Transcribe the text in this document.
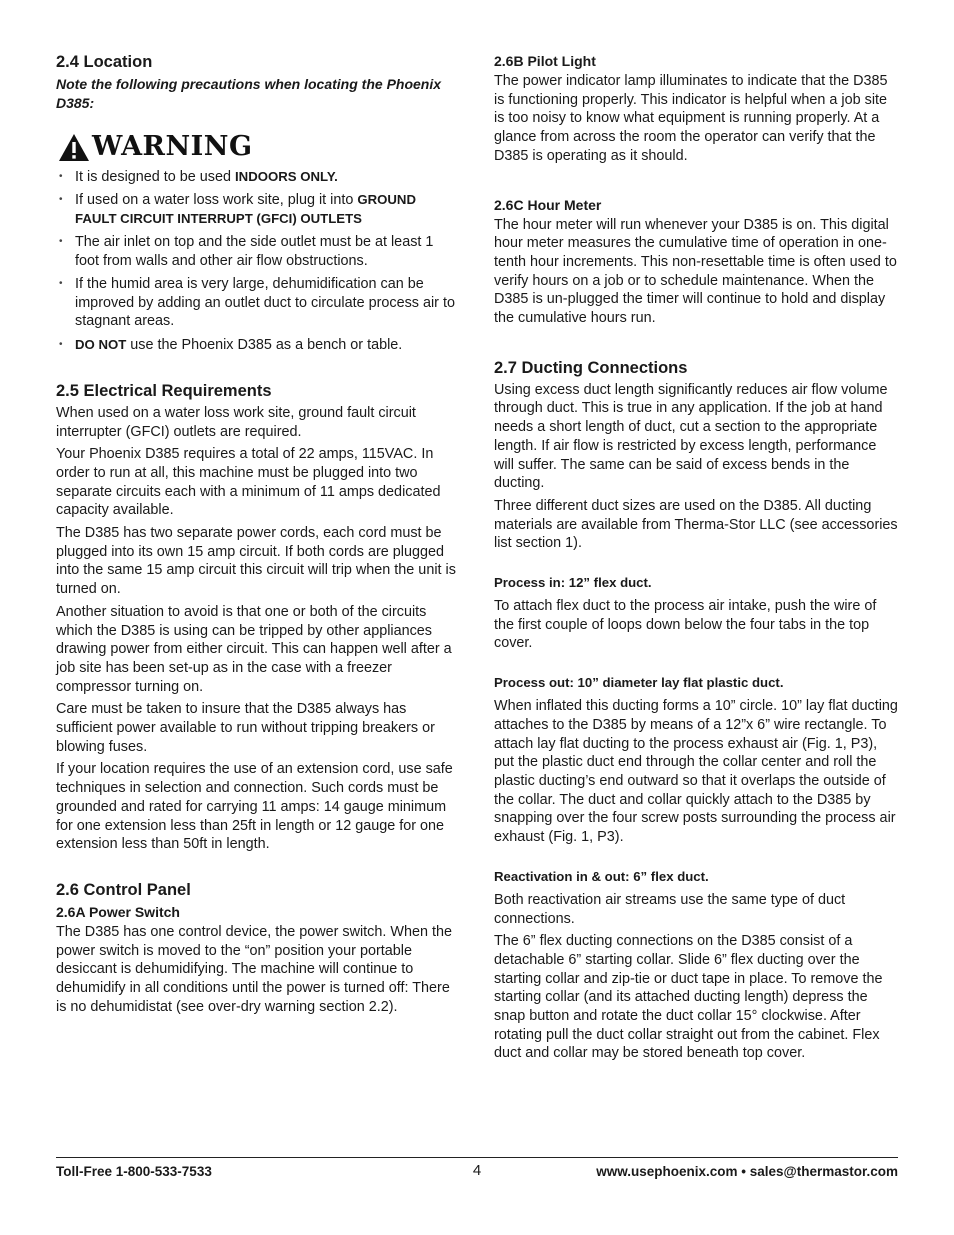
2.4 Location

Note the following precautions when locating the Phoenix D385:

WARNING
• It is designed to be used INDOORS ONLY.
• If used on a water loss work site, plug it into GROUND FAULT CIRCUIT INTERRUPT (GFCI) OUTLETS
• The air inlet on top and the side outlet must be at least 1 foot from walls and other air flow obstructions.
• If the humid area is very large, dehumidification can be improved by adding an outlet duct to circulate process air to stagnant areas.
• DO NOT use the Phoenix D385 as a bench or table.
2.5 Electrical Requirements

When used on a water loss work site, ground fault circuit interrupter (GFCI) outlets are required.

Your Phoenix D385 requires a total of 22 amps, 115VAC. In order to run at all, this machine must be plugged into two separate circuits each with a minimum of 11 amps dedicated capacity available.

The D385 has two separate power cords, each cord must be plugged into its own 15 amp circuit. If both cords are plugged into the same 15 amp circuit this circuit will trip when the unit is turned on.

Another situation to avoid is that one or both of the circuits which the D385 is using can be tripped by other appliances drawing power from either circuit. This can happen well after a job site has been set-up as in the case with a freezer compressor turning on.

Care must be taken to insure that the D385 always has sufficient power available to run without tripping breakers or blowing fuses.

If your location requires the use of an extension cord, use safe techniques in selection and connection. Such cords must be grounded and rated for carrying 11 amps: 14 gauge minimum for one extension less than 25ft in length or 12 gauge for one extension less than 50ft in length.

2.6 Control Panel
2.6A Power Switch

The D385 has one control device, the power switch. When the power switch is moved to the “on” position your portable desiccant is dehumidifying. The machine will continue to dehumidify in all conditions until the power is turned off: There is no dehumidistat (see over-dry warning section 2.2).

2.6B Pilot Light

The power indicator lamp illuminates to indicate that the D385 is functioning properly. This indicator is helpful when a job site is too noisy to know what equipment is running properly. At a glance from across the room the operator can verify that the D385 is operating as it should.

2.6C Hour Meter

The hour meter will run whenever your D385 is on. This digital hour meter measures the cumulative time of operation in one-tenth hour increments. This non-resettable time is often used to verify hours on a job or to schedule maintenance. When the D385 is un-plugged the timer will continue to hold and display the cumulative hours run.

2.7 Ducting Connections

Using excess duct length significantly reduces air flow volume through duct. This is true in any application. If the job at hand needs a short length of duct, cut a section to the appropriate length. If air flow is restricted by excess length, performance will suffer. The same can be said of excess bends in the ducting.

Three different duct sizes are used on the D385. All ducting materials are available from Therma-Stor LLC (see accessories list section 1).

Process in: 12” flex duct.

To attach flex duct to the process air intake, push the wire of the first couple of loops down below the four tabs in the top cover.

Process out: 10” diameter lay flat plastic duct.

When inflated this ducting forms a 10” circle. 10” lay flat ducting attaches to the D385 by means of a 12”x 6” wire rectangle. To attach lay flat ducting to the process exhaust air (Fig. 1, P3), put the plastic duct end through the collar center and roll the plastic ducting’s end outward so that it overlaps the outside of the collar. The duct and collar quickly attach to the D385 by snapping over the four screw posts surrounding the process air exhaust (Fig. 1, P3).

Reactivation in & out: 6” flex duct.

Both reactivation air streams use the same type of duct connections.

The 6” flex ducting connections on the D385 consist of a detachable 6” starting collar. Slide 6” flex ducting over the starting collar and zip-tie or duct tape in place. To remove the starting collar (and its attached ducting length) depress the snap button and rotate the duct collar 15° clockwise. After rotating pull the duct collar straight out from the cabinet. Flex duct and collar may be stored beneath top cover.

4
Toll-Free 1-800-533-7533	www.usephoenix.com • sales@thermastor.com
